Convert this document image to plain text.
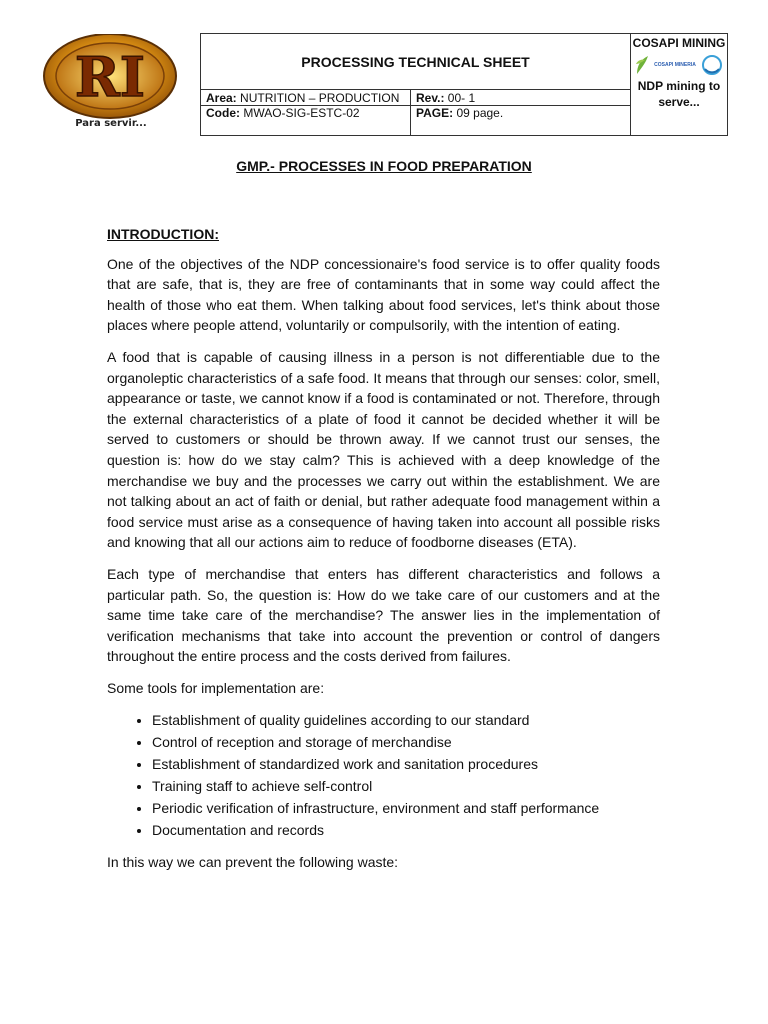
RI
Para servir...
PROCESSING TECHNICAL SHEET		COSAPI MINING
COSAPI MINERIA
NDP mining to serve...

Area: NUTRITION – PRODUCTION	Rev.: 00- 1	
Code: MWAO-SIG-ESTC-02	PAGE: 09 page.	
GMP.- PROCESSES IN FOOD PREPARATION
INTRODUCTION:

One of the objectives of the NDP concessionaire's food service is to offer quality foods that are safe, that is, they are free of contaminants that in some way could affect the health of those who eat them. When talking about food services, let's think about those places where people attend, voluntarily or compulsorily, with the intention of eating.

A food that is capable of causing illness in a person is not differentiable due to the organoleptic characteristics of a safe food. It means that through our senses: color, smell, appearance or taste, we cannot know if a food is contaminated or not. Therefore, through the external characteristics of a plate of food it cannot be decided whether it will be served to customers or should be thrown away. If we cannot trust our senses, the question is: how do we stay calm? This is achieved with a deep knowledge of the merchandise we buy and the processes we carry out within the establishment. We are not talking about an act of faith or denial, but rather adequate food management within a food service must arise as a consequence of having taken into account all possible risks and knowing that all our actions aim to reduce of foodborne diseases (ETA).

Each type of merchandise that enters has different characteristics and follows a particular path. So, the question is: How do we take care of our customers and at the same time take care of the merchandise? The answer lies in the implementation of verification mechanisms that take into account the prevention or control of dangers throughout the entire process and the costs derived from failures.

Some tools for implementation are:

• Establishment of quality guidelines according to our standard
• Control of reception and storage of merchandise
• Establishment of standardized work and sanitation procedures
• Training staff to achieve self-control
• Periodic verification of infrastructure, environment and staff performance
• Documentation and records

In this way we can prevent the following waste:
